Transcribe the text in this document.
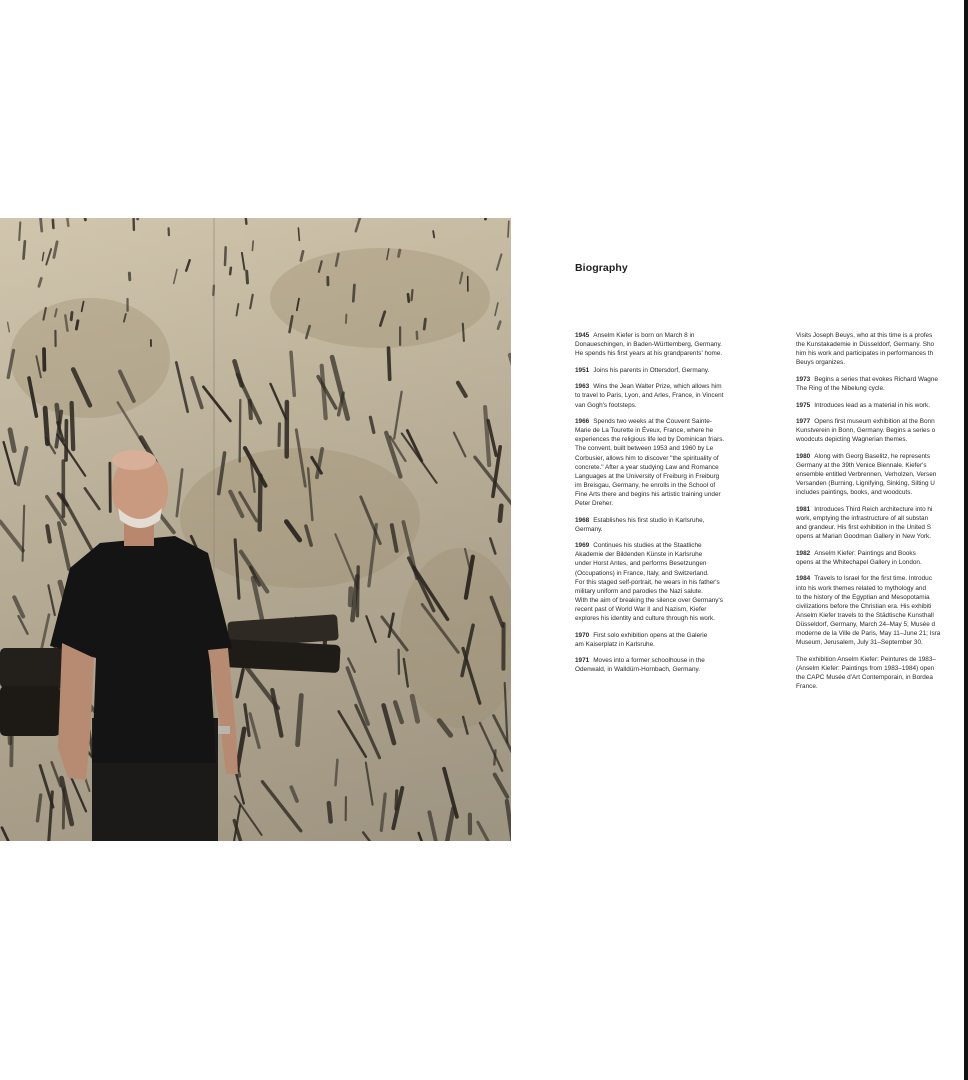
Biography
1945 Anselm Kiefer is born on March 8 in
Donaueschingen, in Baden-Württemberg, Germany.
He spends his first years at his grandparents' home.
1951 Joins his parents in Ottersdorf, Germany.
1963 Wins the Jean Walter Prize, which allows him
to travel to Paris, Lyon, and Arles, France, in Vincent
van Gogh's footsteps.
1966 Spends two weeks at the Couvent Sainte-
Marie de La Tourette in Éveux, France, where he
experiences the religious life led by Dominican friars.
The convent, built between 1953 and 1960 by Le
Corbusier, allows him to discover "the spirituality of
concrete." After a year studying Law and Romance
Languages at the University of Freiburg in Freiburg
im Breisgau, Germany, he enrolls in the School of
Fine Arts there and begins his artistic training under
Peter Dreher.
1968 Establishes his first studio in Karlsruhe,
Germany.
1969 Continues his studies at the Staatliche
Akademie der Bildenden Künste in Karlsruhe
under Horst Antes, and performs Besetzungen
(Occupations) in France, Italy, and Switzerland.
For this staged self-portrait, he wears in his father's
military uniform and parodies the Nazi salute.
With the aim of breaking the silence over Germany's
recent past of World War II and Nazism, Kiefer
explores his identity and culture through his work.
1970 First solo exhibition opens at the Galerie
am Kaiserplatz in Karlsruhe.
1971 Moves into a former schoolhouse in the
Odenwald, in Walldürn-Hornbach, Germany.
Visits Joseph Beuys, who at this time is a profes
the Kunstakademie in Düsseldorf, Germany. Sho
him his work and participates in performances th
Beuys organizes.
1973 Begins a series that evokes Richard Wagne
The Ring of the Nibelung cycle.
1975 Introduces lead as a material in his work.
1977 Opens first museum exhibition at the Bonn
Kunstverein in Bonn, Germany. Begins a series o
woodcuts depicting Wagnerian themes.
1980 Along with Georg Baselitz, he represents
Germany at the 39th Venice Biennale. Kiefer's
ensemble entitled Verbrennen, Verholzen, Versen
Versanden (Burning, Lignifying, Sinking, Silting U
includes paintings, books, and woodcuts.
1981 Introduces Third Reich architecture into hi
work, emptying the infrastructure of all substan
and grandeur. His first exhibition in the United S
opens at Marian Goodman Gallery in New York.
1982 Anselm Kiefer: Paintings and Books
opens at the Whitechapel Gallery in London.
1984 Travels to Israel for the first time. Introduc
into his work themes related to mythology and
to the history of the Egyptian and Mesopotamia
civilizations before the Christian era. His exhibiti
Anselm Kiefer travels to the Städtische Kunsthall
Düsseldorf, Germany, March 24–May 5; Musée d
moderne de la Ville de Paris, May 11–June 21; Isra
Museum, Jerusalem, July 31–September 30.
The exhibition Anselm Kiefer: Peintures de 1983–
(Anselm Kiefer: Paintings from 1983–1984) open
the CAPC Musée d'Art Contemporain, in Bordea
France.
